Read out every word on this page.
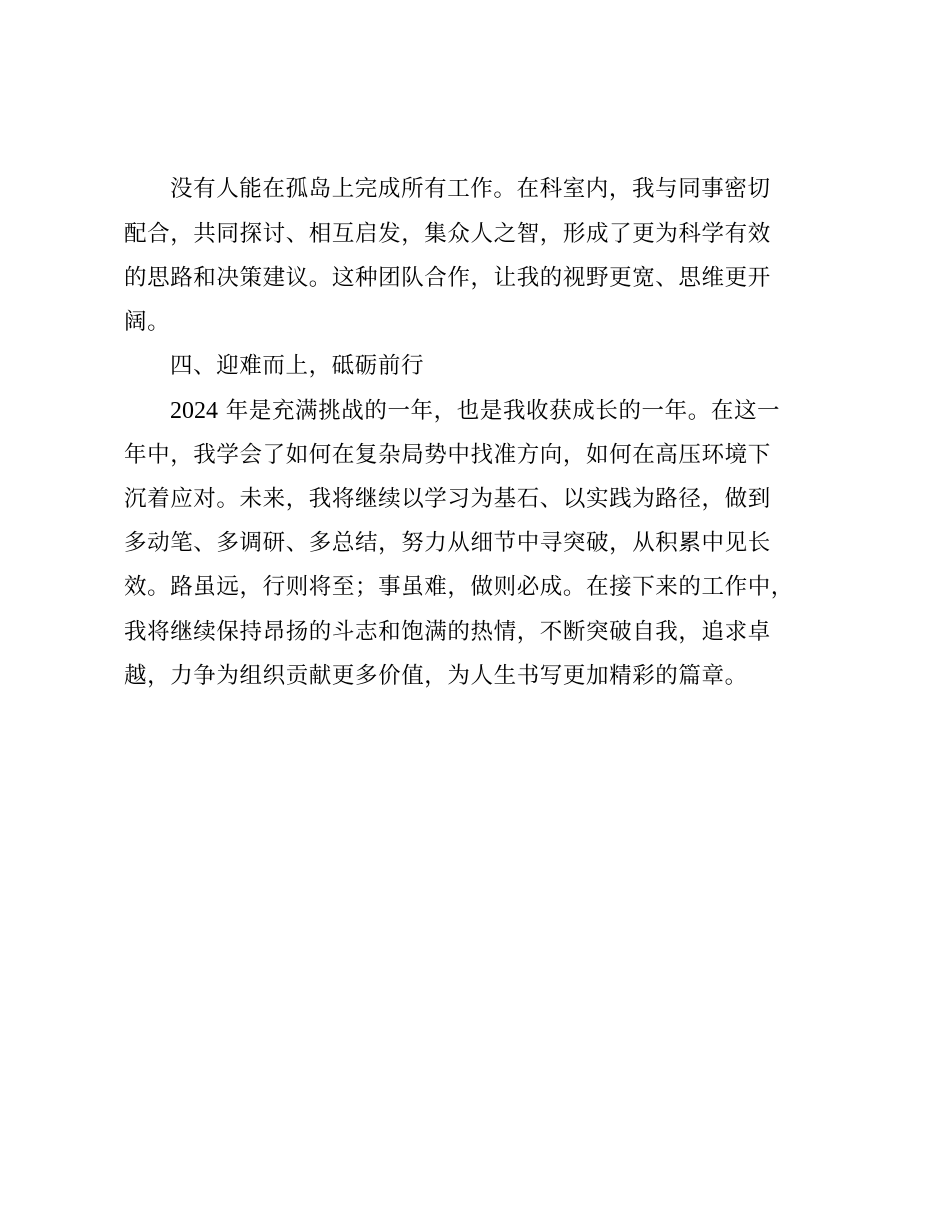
没有人能在孤岛上完成所有工作。在科室内，我与同事密切
配合，共同探讨、相互启发，集众人之智，形成了更为科学有效
的思路和决策建议。这种团队合作，让我的视野更宽、思维更开
阔。
四、迎难而上，砥砺前行
2024 年是充满挑战的一年，也是我收获成长的一年。在这一
年中，我学会了如何在复杂局势中找准方向，如何在高压环境下
沉着应对。未来，我将继续以学习为基石、以实践为路径，做到
多动笔、多调研、多总结，努力从细节中寻突破，从积累中见长
效。路虽远，行则将至；事虽难，做则必成。在接下来的工作中，
我将继续保持昂扬的斗志和饱满的热情，不断突破自我，追求卓
越，力争为组织贡献更多价值，为人生书写更加精彩的篇章。
